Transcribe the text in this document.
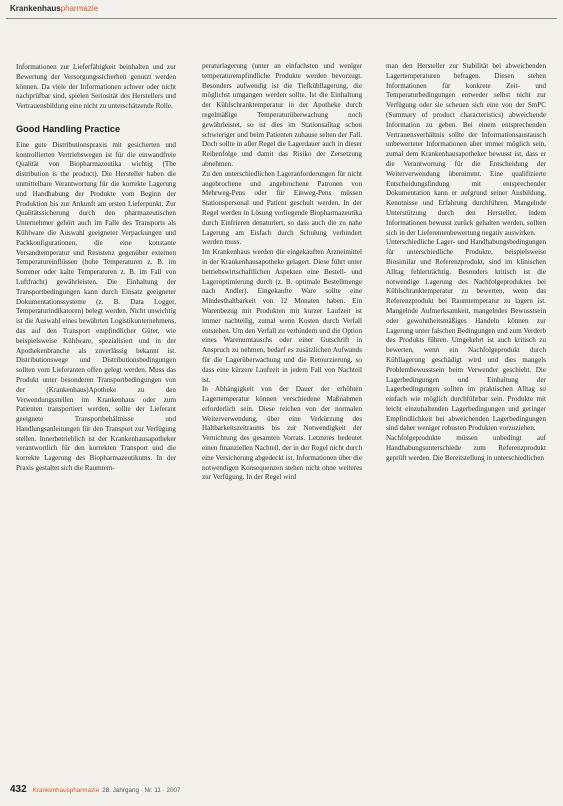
Krankenhauspharmazie

Informationen zur Lieferfähigkeit beinhalten und zur Bewertung der Versorgungssicherheit genutzt werden können. Da viele der Informationen schwer oder nicht nachprüfbar sind, spielen Seriosität des Herstellers und Vertrauensbildung eine nicht zu unterschätzende Rolle.

Good Handling Practice

Eine gute Distributionspraxis mit gesicherten und kontrollierten Vertriebswegen ist für die einwandfreie Qualität von Biopharmazeutika wichtig (The distribution is the product). Die Hersteller haben die unmittelbare Verantwortung für die korrekte Lagerung und Handhabung der Produkte vom Beginn der Produktion bis zur Ankunft am ersten Lieferpunkt. Zur Qualitätssicherung durch den pharmazeutischen Unternehmer gehört auch im Falle des Transports als Kühlware die Auswahl geeigneter Verpackungen und Packkonfigurationen, die eine konstante Versandtemperatur und Resistenz gegenüber externen Temperatureinflüssen (hohe Temperaturen z. B. im Sommer oder kalte Temperaturen z. B. im Fall von Luftfracht) gewährleisten. Die Einhaltung der Transportbedingungen kann durch Einsatz geeigneter Dokumentationssysteme (z. B. Data Logger, Temperaturindikatoren) belegt werden. Nicht unwichtig ist die Auswahl eines bewährten Logistikunternehmens, das auf den Transport empfindlicher Güter, wie beispielsweise Kühlware, spezialisiert und in der Apothekenbranche als zuverlässig bekannt ist. Distributionswege und Distributionsbedingungen sollten vom Lieferanten offen gelegt werden. Muss das Produkt unter besonderen Transportbedingungen von der (Krankenhaus)Apotheke zu den Verwendungsstellen im Krankenhaus oder zum Patienten transportiert werden, sollte der Lieferant geeignete Transportbehältnisse und Handlungsanleitungen für den Transport zur Verfügung stellen. Innerbetrieblich ist der Krankenhausapotheker verantwortlich für den korrekten Transport und die korrekte Lagerung des Biopharmazeutikums. In der Praxis gestaltet sich die Raumtem-

peraturlagerung (unter an einfachsten und weniger temperaturempfindliche Produkte werden bevorzugt. Besonders aufwendig ist die Tiefkühllagerung, die möglichst umgangen werden sollte. Ist die Einhaltung der Kühlschranktemperatur in der Apotheke durch regelmäßige Temperaturüberwachung noch gewährleistet, so ist dies im Stationsalltag schon schwieriger und beim Patienten zuhause selten der Fall. Doch sollte in aller Regel die Lagerdauer auch in dieser Reihenfolge und damit das Risiko der Zersetzung abnehmen.

Zu den unterschiedlichen Lageranforderungen für nicht angebrochene und angebrochene Patronen von Mehrweg-Pens oder für Einweg-Pens müssen Stationspersonal und Patient geschult werden. In der Regel werden in Lösung vorliegende Biopharmazeutika durch Einfrieren denaturiert, so dass auch die zu nahe Lagerung am Eisfach durch Schulung verhindert werden muss.

Im Krankenhaus werden die eingekauften Arzneimittel in der Krankenhausapotheke gelagert. Diese führt unter betriebswirtschaftlichen Aspekten eine Bestell- und Lageroptimierung durch (z. B. optimale Bestellmenge nach Andler). Eingekaufte Ware sollte eine Mindesthaltbarkeit von 12 Monaten haben. Ein Warenbezug mit Produkten mit kurzer Laufzeit ist immer nachteilig, zumal wenn Kosten durch Verfall entstehen. Um den Verfall zu verhindern und die Option eines Warenumtauschs oder einer Gutschrift in Anspruch zu nehmen, bedarf es zusätzlichen Aufwands für die Lagerüberwachung und die Retourzierung, so dass eine kürzere Laufzeit in jedem Fall von Nachteil ist.

In Abhängigkeit von der Dauer der erhöhten Lagertemperatur können verschiedene Maßnahmen erforderlich sein. Diese reichen von der normalen Weiterverwendung, über eine Verkürzung des Haltbarkeitszeitraums bis zur Notwendigkeit der Vernichtung des gesamten Vorrats. Letzteres bedeutet einen finanziellen Nachteil, der in der Regel nicht durch eine Versicherung abgedeckt ist. Informationen über die notwendigen Konsequenzen stehen nicht ohne weiteres zur Verfügung. In der Regel wird

man den Hersteller zur Stabilität bei abweichenden Lagertemperaturen befragen. Diesen stehen Informationen für konkrete Zeit- und Temperaturbedingungen entweder selbst nicht zur Verfügung oder sie scheuen sich eine von der SmPC (Summary of product characteristics) abweichende Information zu geben. Bei einem entsprechenden Vertrauensverhältnis sollte der Informationsaustausch unbewerteter Informationen aber immer möglich sein, zumal dem Krankenhausapotheker bewusst ist, dass er die Verantwortung für die Entscheidung der Weiterverwendung übernimmt. Eine qualifizierte Entscheidungsfindung mit entsprechender Dokumentation kann er aufgrund seiner Ausbildung, Kenntnisse und Erfahrung durchführen. Mangelnde Unterstützung durch den Hersteller, indem Informationen bewusst zurück gehalten werden, sollten sich in der Lieferentenbewertung negativ auswirken.

Unterschiedliche Lager- und Handhabungsbedingungen für unterschiedliche Produkte, beispielsweise Biosimilar und Referenzprodukt, sind im klinischen Alltag fehlerträchtig. Besonders kritisch ist die notwendige Lagerung des Nachfolgeproduktes bei Kühlschranktemperatur zu bewerten, wenn das Referenzprodukt bei Raumtemperatur zu lagern ist. Mangelnde Aufmerksamkeit, mangelndes Bewusstsein oder gewohnheitsmäßiges Handeln können zur Lagerung unter falschen Bedingungen und zum Verderb des Produkts führen. Umgekehrt ist auch kritisch zu bewerten, wenn ein Nachfolgeprodukt durch Kühllagerung geschädigt wird und dies mangels Problembewusstsein beim Verwender geschieht. Die Lagerbedingungen und Einhaltung der Lagerbedingungen sollten im praktischen Alltag so einfach wie möglich durchführbar sein. Produkte mit leicht einzuhaltenden Lagerbedingungen und geringer Empfindlichkeit bei abweichenden Lagerbedingungen sind daher weniger robusten Produkten vorzuziehen.

Nachfolgeprodukte müssen unbedingt auf Handhabungsunterschiede zum Referenzprodukt geprüft werden. Die Bereitstellung in unterschiedlichen

432 Krankenhauspharmazie 28. Jahrgang · Nr. 11 · 2007
